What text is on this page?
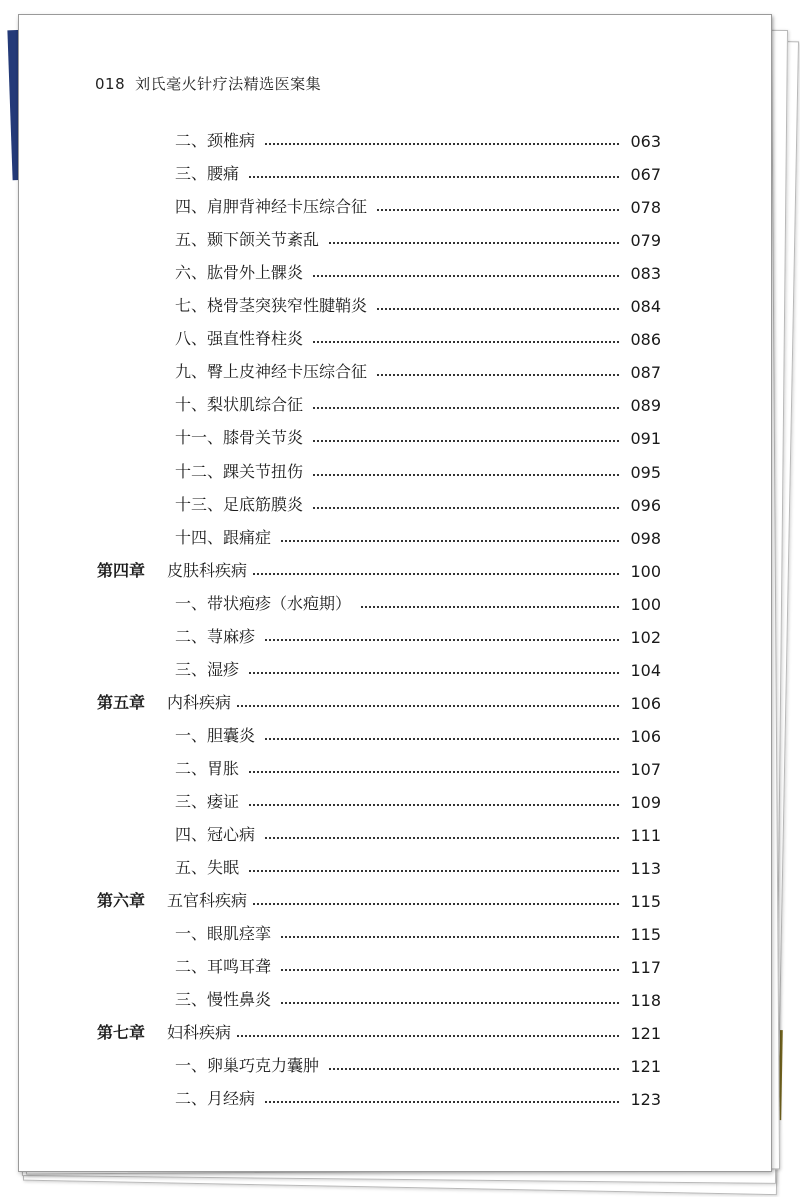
018 刘氏毫火针疗法精选医案集
二、颈椎病	063
三、腰痛	067
四、肩胛背神经卡压综合征	078
五、颞下颌关节紊乱	079
六、肱骨外上髁炎	083
七、桡骨茎突狭窄性腱鞘炎	084
八、强直性脊柱炎	086
九、臀上皮神经卡压综合征	087
十、梨状肌综合征	089
十一、膝骨关节炎	091
十二、踝关节扭伤	095
十三、足底筋膜炎	096
十四、跟痛症	098
第四章 皮肤科疾病	100
一、带状疱疹（水疱期）	100
二、荨麻疹	102
三、湿疹	104
第五章 内科疾病	106
一、胆囊炎	106
二、胃胀	107
三、痿证	109
四、冠心病	111
五、失眠	113
第六章 五官科疾病	115
一、眼肌痉挛	115
二、耳鸣耳聋	117
三、慢性鼻炎	118
第七章 妇科疾病	121
一、卵巢巧克力囊肿	121
二、月经病	123
